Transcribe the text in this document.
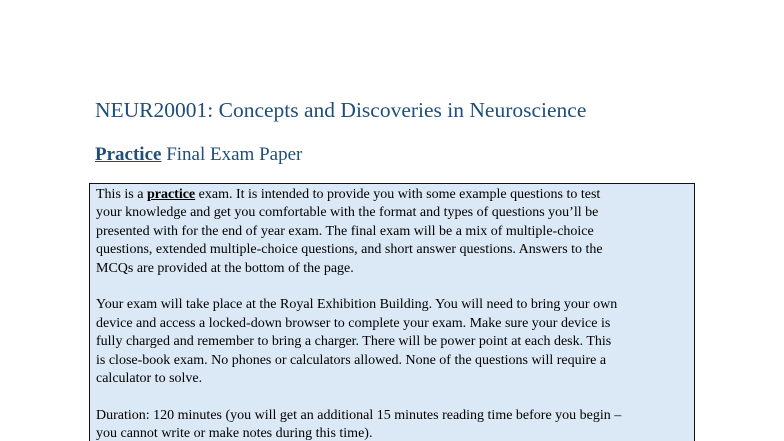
NEUR20001: Concepts and Discoveries in Neuroscience
Practice Final Exam Paper

This is a practice exam. It is intended to provide you with some example questions to test

your knowledge and get you comfortable with the format and types of questions you’ll be

presented with for the end of year exam. The final exam will be a mix of multiple-choice

questions, extended multiple-choice questions, and short answer questions. Answers to the

MCQs are provided at the bottom of the page.

Your exam will take place at the Royal Exhibition Building. You will need to bring your own

device and access a locked-down browser to complete your exam. Make sure your device is

fully charged and remember to bring a charger. There will be power point at each desk. This

is close-book exam. No phones or calculators allowed. None of the questions will require a

calculator to solve.

Duration: 120 minutes (you will get an additional 15 minutes reading time before you begin –

you cannot write or make notes during this time).
